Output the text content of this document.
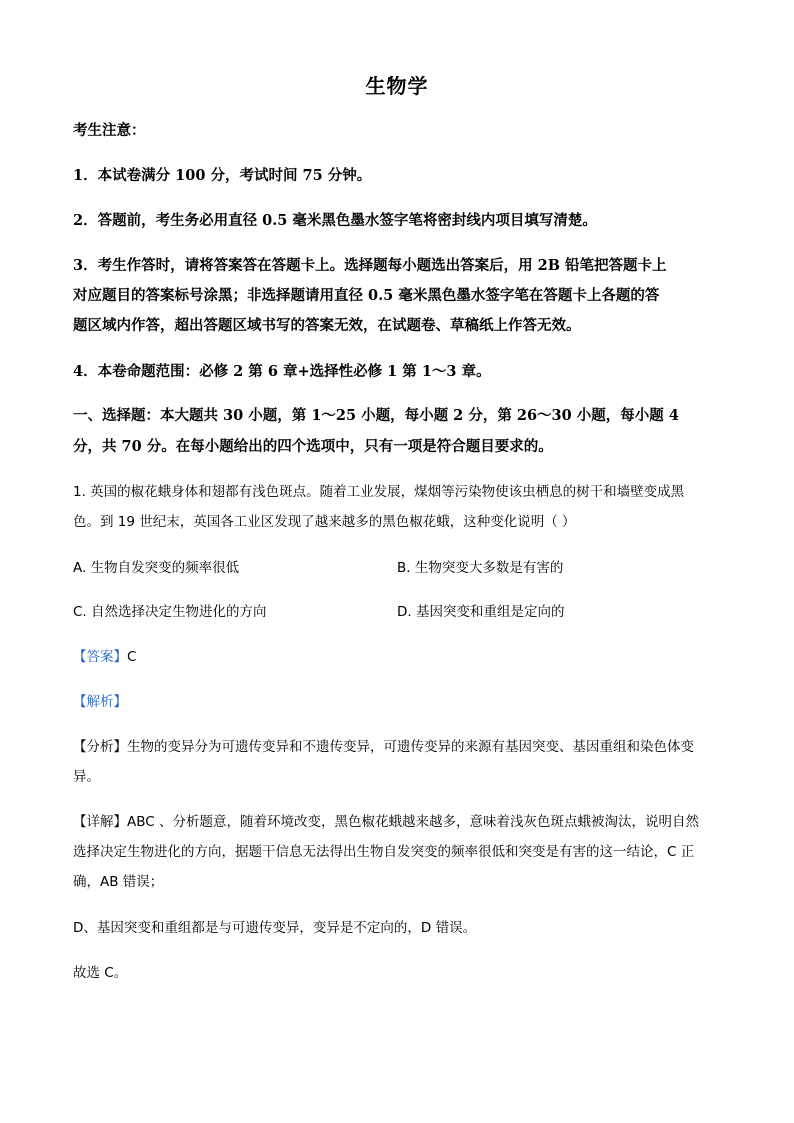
生物学
考生注意：
1．本试卷满分 100 分，考试时间 75 分钟。
2．答题前，考生务必用直径 0.5 毫米黑色墨水签字笔将密封线内项目填写清楚。
3．考生作答时，请将答案答在答题卡上。选择题每小题选出答案后，用 2B 铅笔把答题卡上
对应题目的答案标号涂黑；非选择题请用直径 0.5 毫米黑色墨水签字笔在答题卡上各题的答
题区域内作答，超出答题区域书写的答案无效，在试题卷、草稿纸上作答无效。
4．本卷命题范围：必修 2 第 6 章+选择性必修 1 第 1～3 章。
一、选择题：本大题共 30 小题，第 1～25 小题，每小题 2 分，第 26～30 小题，每小题 4
分，共 70 分。在每小题给出的四个选项中，只有一项是符合题目要求的。
1. 英国的椒花蛾身体和翅都有浅色斑点。随着工业发展，煤烟等污染物使该虫栖息的树干和墙壁变成黑
色。到 19 世纪末，英国各工业区发现了越来越多的黑色椒花蛾，这种变化说明（ ）
A. 生物自发突变的频率很低	B. 生物突变大多数是有害的
C. 自然选择决定生物进化的方向	D. 基因突变和重组是定向的
【答案】C
【解析】
【分析】生物的变异分为可遗传变异和不遗传变异，可遗传变异的来源有基因突变、基因重组和染色体变
异。
【详解】ABC 、分析题意，随着环境改变，黑色椒花蛾越来越多，意味着浅灰色斑点蛾被淘汰，说明自然
选择决定生物进化的方向，据题干信息无法得出生物自发突变的频率很低和突变是有害的这一结论，C 正
确，AB 错误；
D、基因突变和重组都是与可遗传变异，变异是不定向的，D 错误。
故选 C。
